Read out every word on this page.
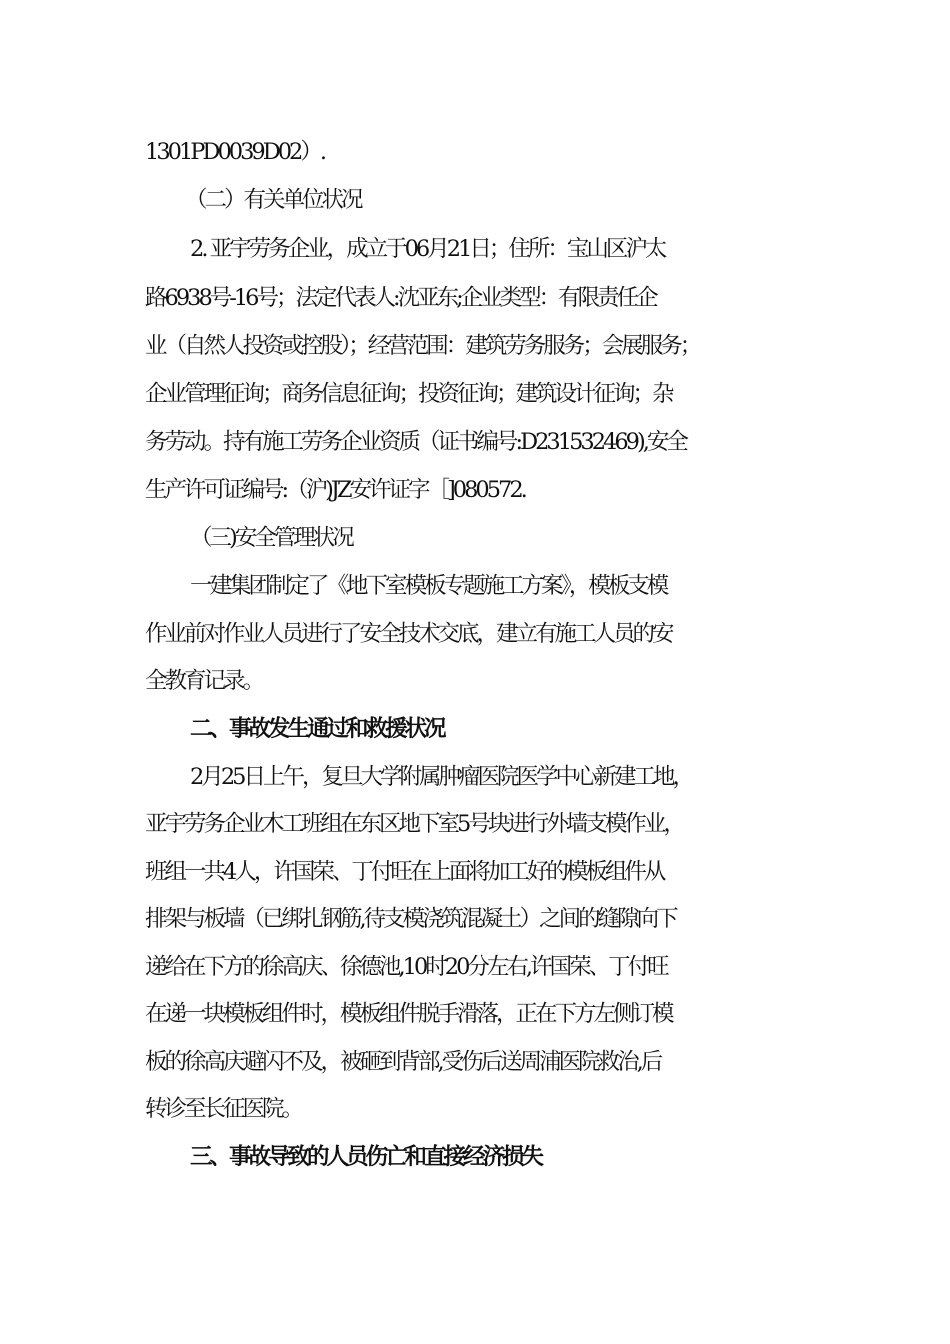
1301PD0039D02）.
（二）有关单位状况
2. 亚宇劳务企业，成立于06月21日；住所：宝山区沪太
路6938号-16号；法定代表人:沈亚东;企业类型：有限责任企
业（自然人投资或控股）；经营范围：建筑劳务服务；会展服务；
企业管理征询；商务信息征询；投资征询；建筑设计征询；杂
务劳动。持有施工劳务企业资质（证书编号:D231532469),安全
生产许可证编号:（沪)JZ安许证字［]080572.
（三)安全管理状况
一建集团制定了《地下室模板专题施工方案》，模板支模
作业前对作业人员进行了安全技术交底，建立有施工人员的安
全教育记录。
二、事故发生通过和救援状况
2月25日上午，复旦大学附属肿瘤医院医学中心新建工地，
亚宇劳务企业木工班组在东区地下室5号块进行外墙支模作业，
班组一共4人，许国荣、丁付旺在上面将加工好的模板组件从
排架与板墙（已绑扎钢筋,待支模浇筑混凝土）之间的缝隙向下
递给在下方的徐高庆、徐德池,10时20分左右,许国荣、丁付旺
在递一块模板组件时，模板组件脱手滑落，正在下方左侧订模
板的徐高庆避闪不及，被砸到背部,受伤后送周浦医院救治,后
转诊至长征医院。
三、事故导致的人员伤亡和直接经济损失
